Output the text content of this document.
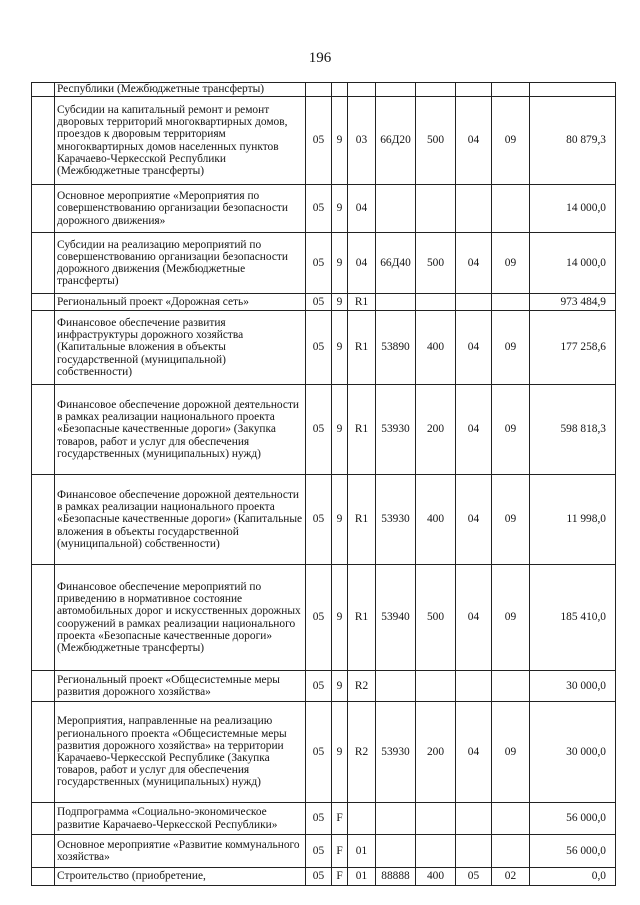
196
	Республики (Межбюджетные трансферты)								
	Субсидии на капитальный ремонт и ремонт дворовых территорий многоквартирных домов, проездов к дворовым территориям многоквартирных домов населенных пунктов Карачаево-Черкесской Республики (Межбюджетные трансферты)	05	9	03	66Д20	500	04	09	80 879,3
	Основное мероприятие «Мероприятия по совершенствованию организации безопасности дорожного движения»	05	9	04					14 000,0
	Субсидии на реализацию мероприятий по совершенствованию организации безопасности дорожного движения (Межбюджетные трансферты)	05	9	04	66Д40	500	04	09	14 000,0
	Региональный проект «Дорожная сеть»	05	9	R1					973 484,9
	Финансовое обеспечение развития инфраструктуры дорожного хозяйства (Капитальные вложения в объекты государственной (муниципальной) собственности)	05	9	R1	53890	400	04	09	177 258,6
	Финансовое обеспечение дорожной деятельности в рамках реализации национального проекта «Безопасные качественные дороги» (Закупка товаров, работ и услуг для обеспечения государственных (муниципальных) нужд)	05	9	R1	53930	200	04	09	598 818,3
	Финансовое обеспечение дорожной деятельности в рамках реализации национального проекта «Безопасные качественные дороги» (Капитальные вложения в объекты государственной (муниципальной) собственности)	05	9	R1	53930	400	04	09	11 998,0
	Финансовое обеспечение мероприятий по приведению в нормативное состояние автомобильных дорог и искусственных дорожных сооружений в рамках реализации национального проекта «Безопасные качественные дороги» (Межбюджетные трансферты)	05	9	R1	53940	500	04	09	185 410,0
	Региональный проект «Общесистемные меры развития дорожного хозяйства»	05	9	R2					30 000,0
	Мероприятия, направленные на реализацию регионального проекта «Общесистемные меры развития дорожного хозяйства» на территории Карачаево-Черкесской Республике (Закупка товаров, работ и услуг для обеспечения государственных (муниципальных) нужд)	05	9	R2	53930	200	04	09	30 000,0
	Подпрограмма «Социально-экономическое развитие Карачаево-Черкесской Республики»	05	F						56 000,0
	Основное мероприятие «Развитие коммунального хозяйства»	05	F	01					56 000,0
	Строительство (приобретение,	05	F	01	88888	400	05	02	0,0
